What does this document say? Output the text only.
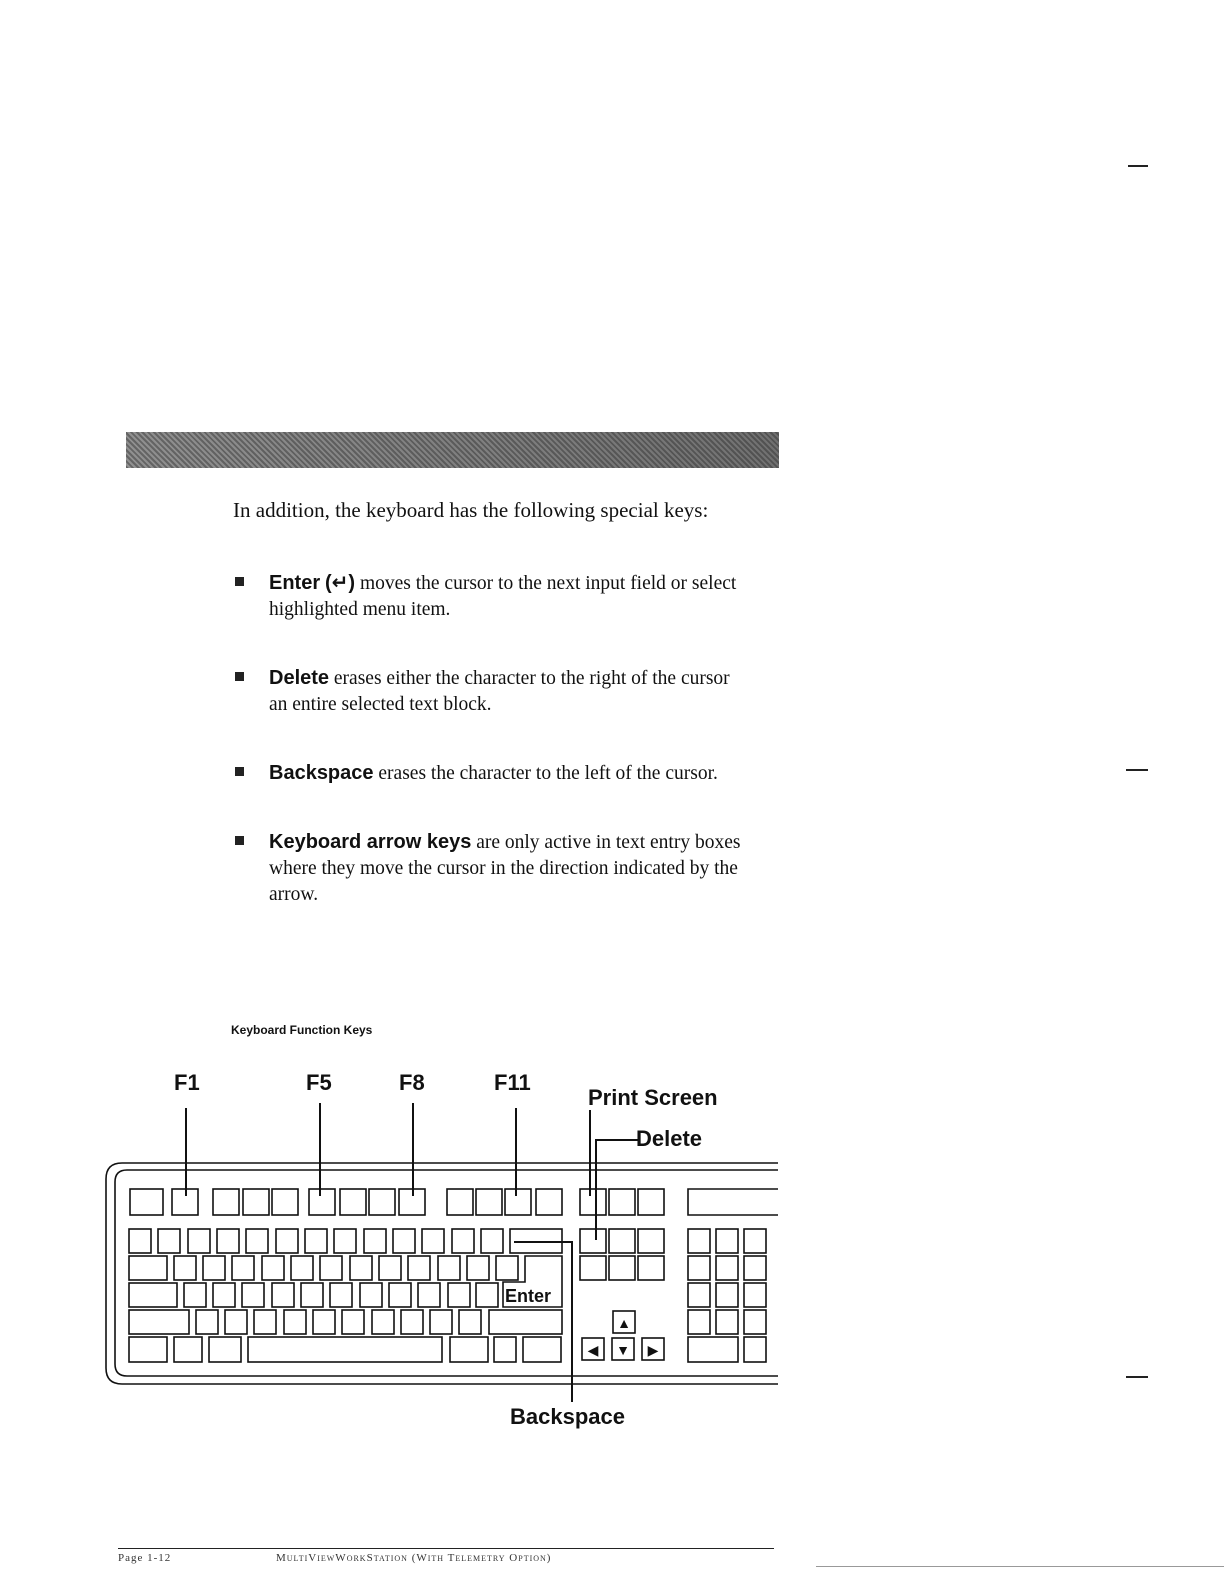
In addition, the keyboard has the following special keys:
Enter (↵) moves the cursor to the next input field or select
highlighted menu item.
Delete erases either the character to the right of the cursor
an entire selected text block.
Backspace erases the character to the left of the cursor.
Keyboard arrow keys are only active in text entry boxes
where they move the cursor in the direction indicated by the
arrow.
Keyboard Function Keys
F1	F5	F8	F11
Print Screen
Delete
Backspace
Enter
▲
◀ ▼ ▶
Page 1-12	MultiViewWorkStation (With Telemetry Option)
